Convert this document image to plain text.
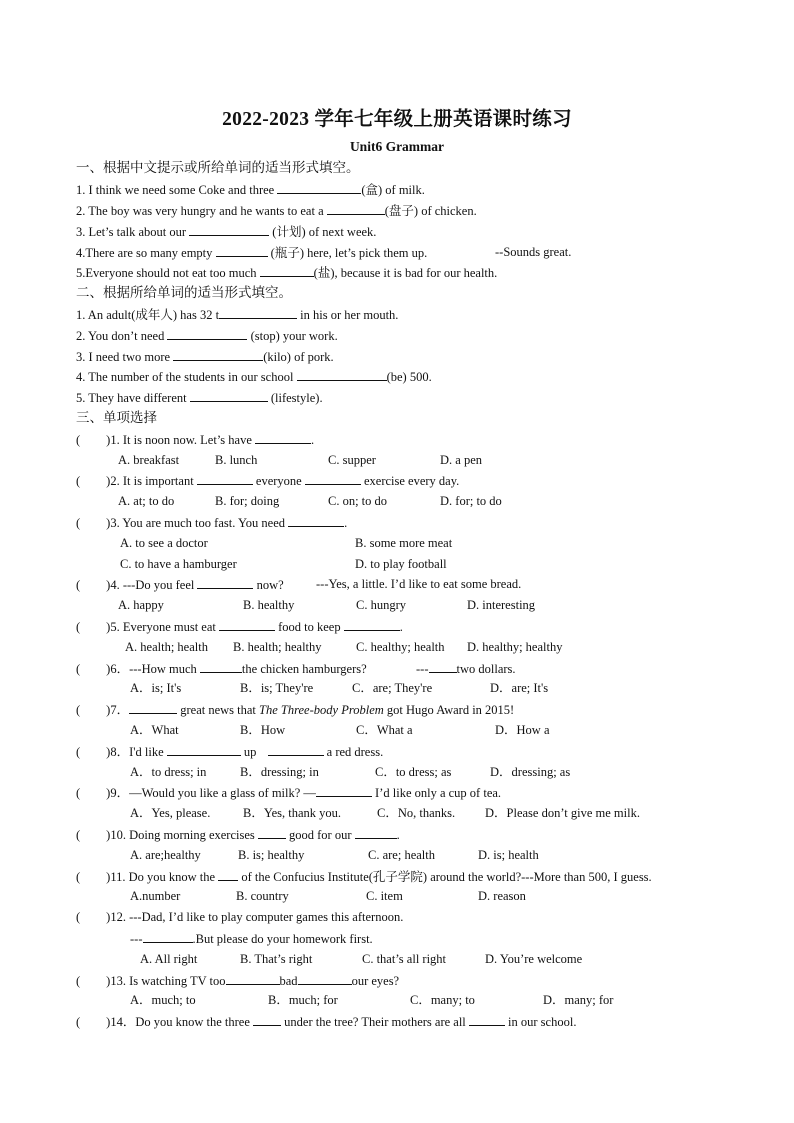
2022-2023 学年七年级上册英语课时练习
Unit6 Grammar
一、根据中文提示或所给单词的适当形式填空。
1. I think we need some Coke and three	(盒) of milk.
2. The boy was very hungry and he wants to eat a	(盘子) of chicken.
3. Let’s talk about our	(计划) of next week.
4.There are so many empty	(瓶子) here, let’s pick them up.	--Sounds great.
5.Everyone should not eat too much	(盐), because it is bad for our health.
二、根据所给单词的适当形式填空。
1. An adult(成年人) has 32 t	in his or her mouth.
2. You don’t need	(stop) your work.
3. I need two more	(kilo) of pork.
4. The number of the students in our school	(be) 500.
5. They have different	(lifestyle).
三、单项选择
( )1. It is noon now. Let’s have	.
A. breakfast	B. lunch	C. supper	D. a pen
( )2. It is important	everyone	exercise every day.
A. at; to do	B. for; doing	C. on; to do	D. for; to do
( )3. You are much too fast. You need	.
A. to see a doctor	B. some more meat
C. to have a hamburger	D. to play football
( )4. ---Do you feel	now?	---Yes, a little. I’d like to eat some bread.
A. happy	B. healthy	C. hungry	D. interesting
( )5. Everyone must eat	food to keep	.
A. health; health B. health; healthy	C. healthy; health D. healthy; healthy
( )6．---How much	the chicken hamburgers?	--- two dollars.
A．is; It's	B．is; They're	C．are; They're	D．are; It's
( )7．	great news that The Three-body Problem got Hugo Award in 2015!
A．What	B．How	C．What a	D．How a
( )8．I'd like	up	a red dress.
A．to dress; in	B．dressing; in	C．to dress; as	D．dressing; as
( )9．—Would you like a glass of milk? —	I’d like only a cup of tea.
A．Yes, please.	B．Yes, thank you.	C．No, thanks. D．Please don’t give me milk.
( )10. Doing morning exercises  good for our	.
A. are;healthy	B. is; healthy	C. are; health	D. is; health
( )11. Do you know the  of the Confucius Institute(孔子学院) around the world?---More than 500, I guess.
A.number	B. country	C. item	D. reason
( )12. ---Dad, I’d like to play computer games this afternoon.
---	.But please do your homework first.
A. All right	B. That’s right	C. that’s all right	D. You’re welcome
( )13. Is watching TV too	bad	our eyes?
A．much; to	B．much; for	C．many; to	D．many; for
( )14．Do you know the three  under the tree? Their mothers are all	in our school.
